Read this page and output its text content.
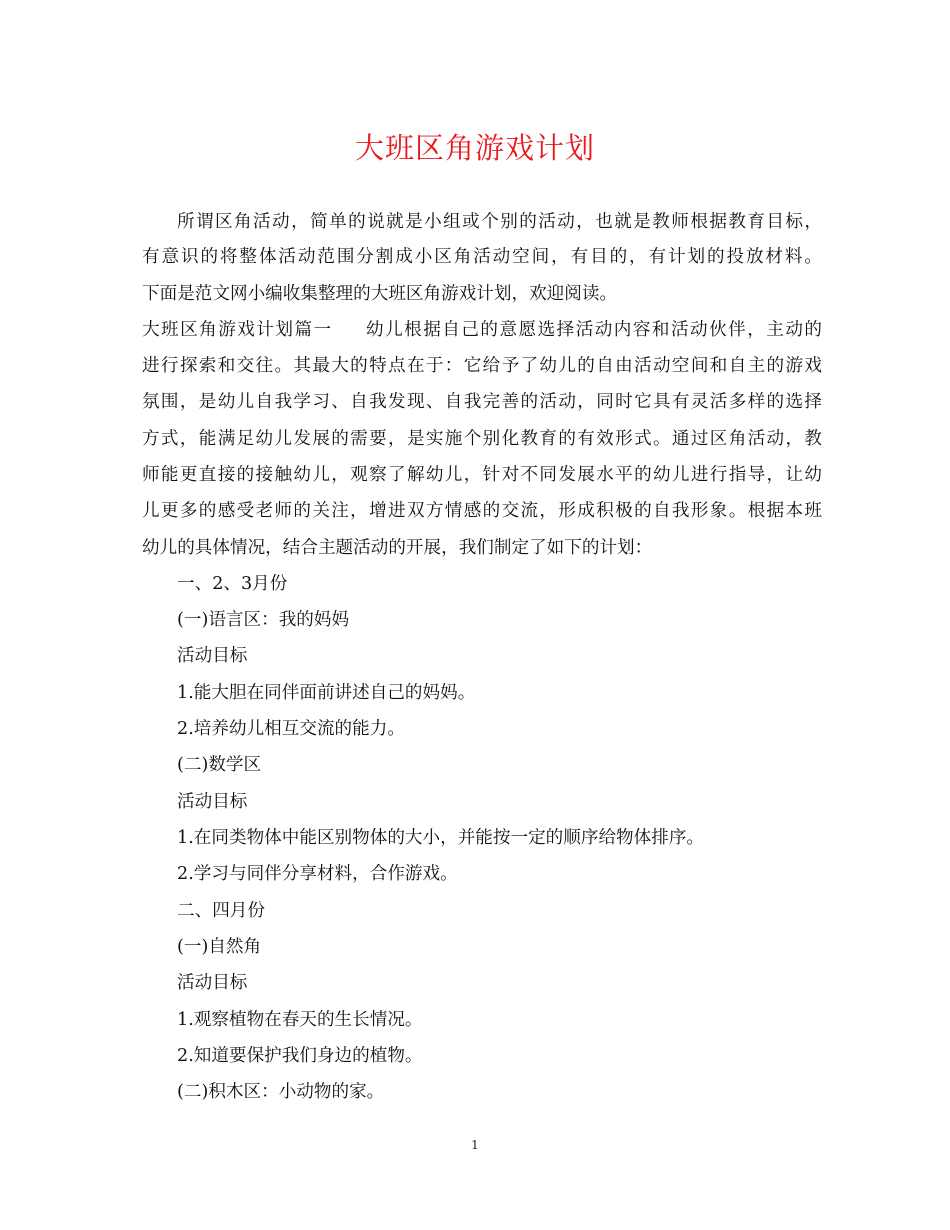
大班区角游戏计划
所谓区角活动，简单的说就是小组或个别的活动，也就是教师根据教育目标，
有意识的将整体活动范围分割成小区角活动空间，有目的，有计划的投放材料。
下面是范文网小编收集整理的大班区角游戏计划，欢迎阅读。
大班区角游戏计划篇一 幼儿根据自己的意愿选择活动内容和活动伙伴，主动的
进行探索和交往。其最大的特点在于：它给予了幼儿的自由活动空间和自主的游戏
氛围，是幼儿自我学习、自我发现、自我完善的活动，同时它具有灵活多样的选择
方式，能满足幼儿发展的需要，是实施个别化教育的有效形式。通过区角活动，教
师能更直接的接触幼儿，观察了解幼儿，针对不同发展水平的幼儿进行指导，让幼
儿更多的感受老师的关注，增进双方情感的交流，形成积极的自我形象。根据本班
幼儿的具体情况，结合主题活动的开展，我们制定了如下的计划：
一、2、3月份
(一)语言区：我的妈妈
活动目标
1.能大胆在同伴面前讲述自己的妈妈。
2.培养幼儿相互交流的能力。
(二)数学区
活动目标
1.在同类物体中能区别物体的大小，并能按一定的顺序给物体排序。
2.学习与同伴分享材料，合作游戏。
二、四月份
(一)自然角
活动目标
1.观察植物在春天的生长情况。
2.知道要保护我们身边的植物。
(二)积木区：小动物的家。
1
